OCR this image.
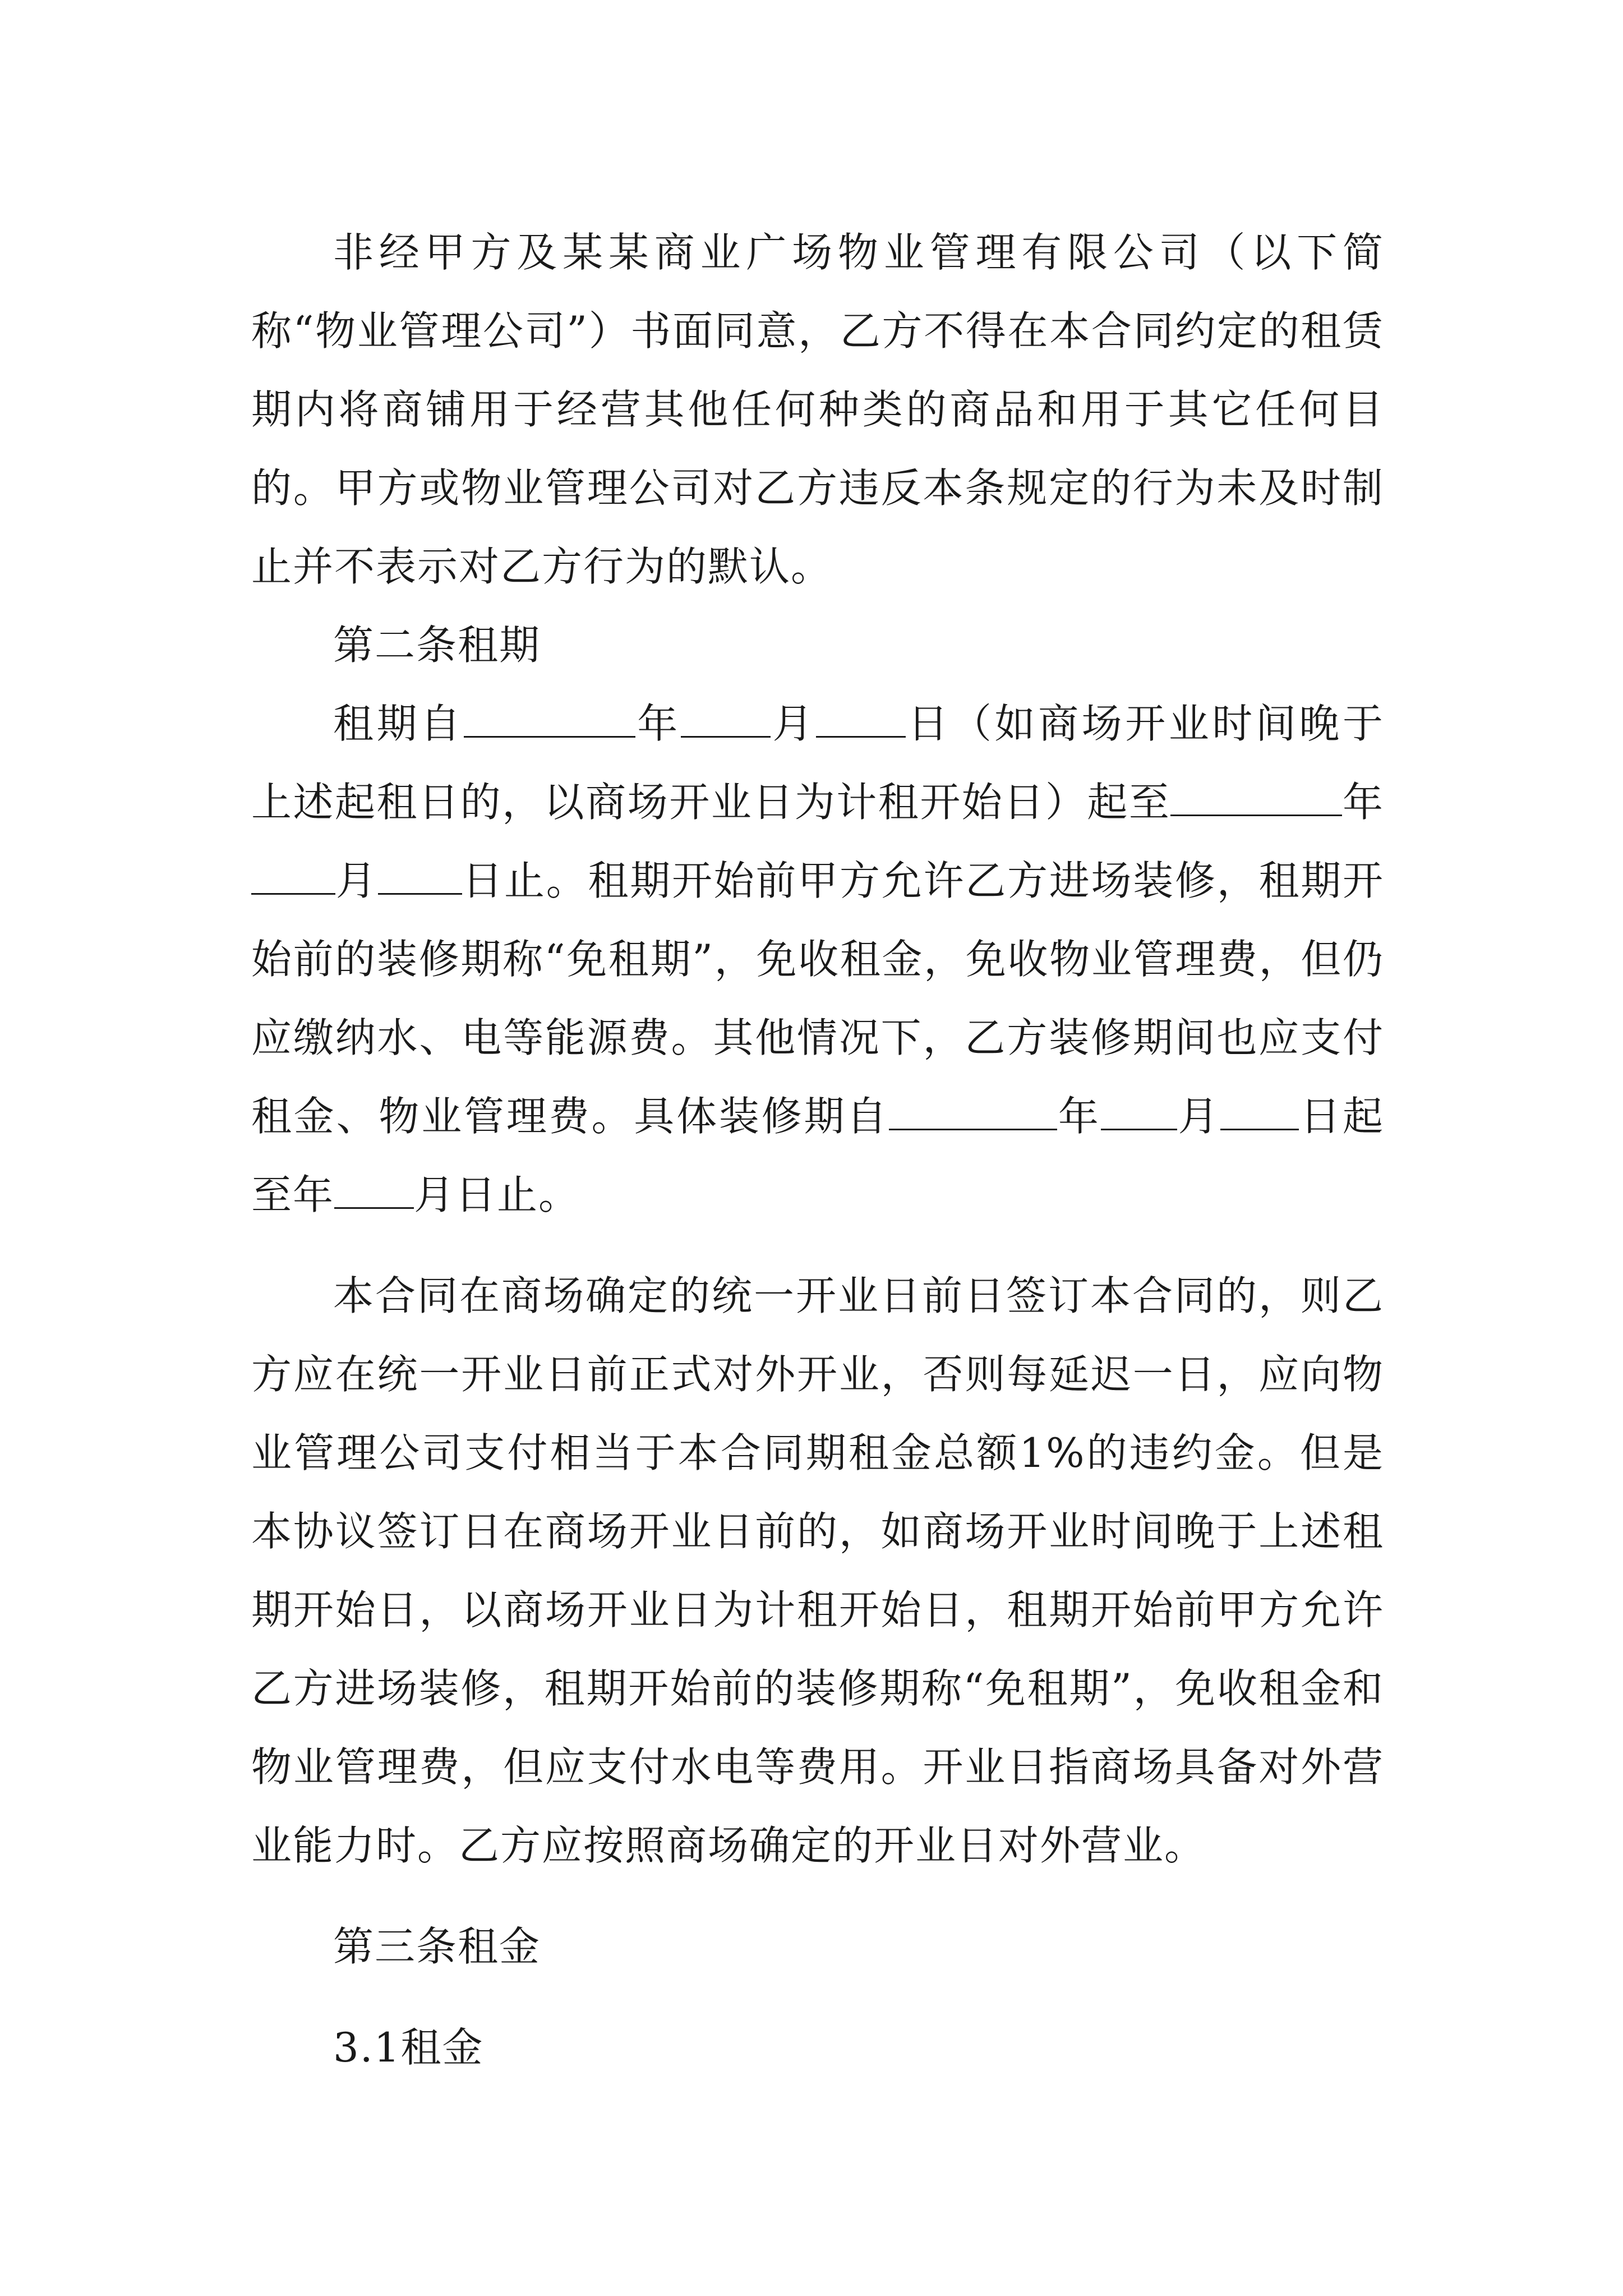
非经甲方及某某商业广场物业管理有限公司（以下简称“物业管理公司”）书面同意，乙方不得在本合同约定的租赁期内将商铺用于经营其他任何种类的商品和用于其它任何目的。甲方或物业管理公司对乙方违反本条规定的行为未及时制止并不表示对乙方行为的默认。

第二条租期

租期自	年 月 日（如商场开业时间晚于上述起租日的，以商场开业日为计租开始日）起至	年月 日止。租期开始前甲方允许乙方进场装修，租期开始前的装修期称“免租期”，免收租金，免收物业管理费，但仍应缴纳水、电等能源费。其他情况下，乙方装修期间也应支付租金、物业管理费。具体装修期自	年 月 日起至年 月日止。

本合同在商场确定的统一开业日前日签订本合同的，则乙方应在统一开业日前正式对外开业，否则每延迟一日，应向物业管理公司支付相当于本合同期租金总额1%的违约金。但是本协议签订日在商场开业日前的，如商场开业时间晚于上述租期开始日，以商场开业日为计租开始日，租期开始前甲方允许乙方进场装修，租期开始前的装修期称“免租期”，免收租金和物业管理费，但应支付水电等费用。开业日指商场具备对外营业能力时。乙方应按照商场确定的开业日对外营业。

第三条租金

3.1租金
